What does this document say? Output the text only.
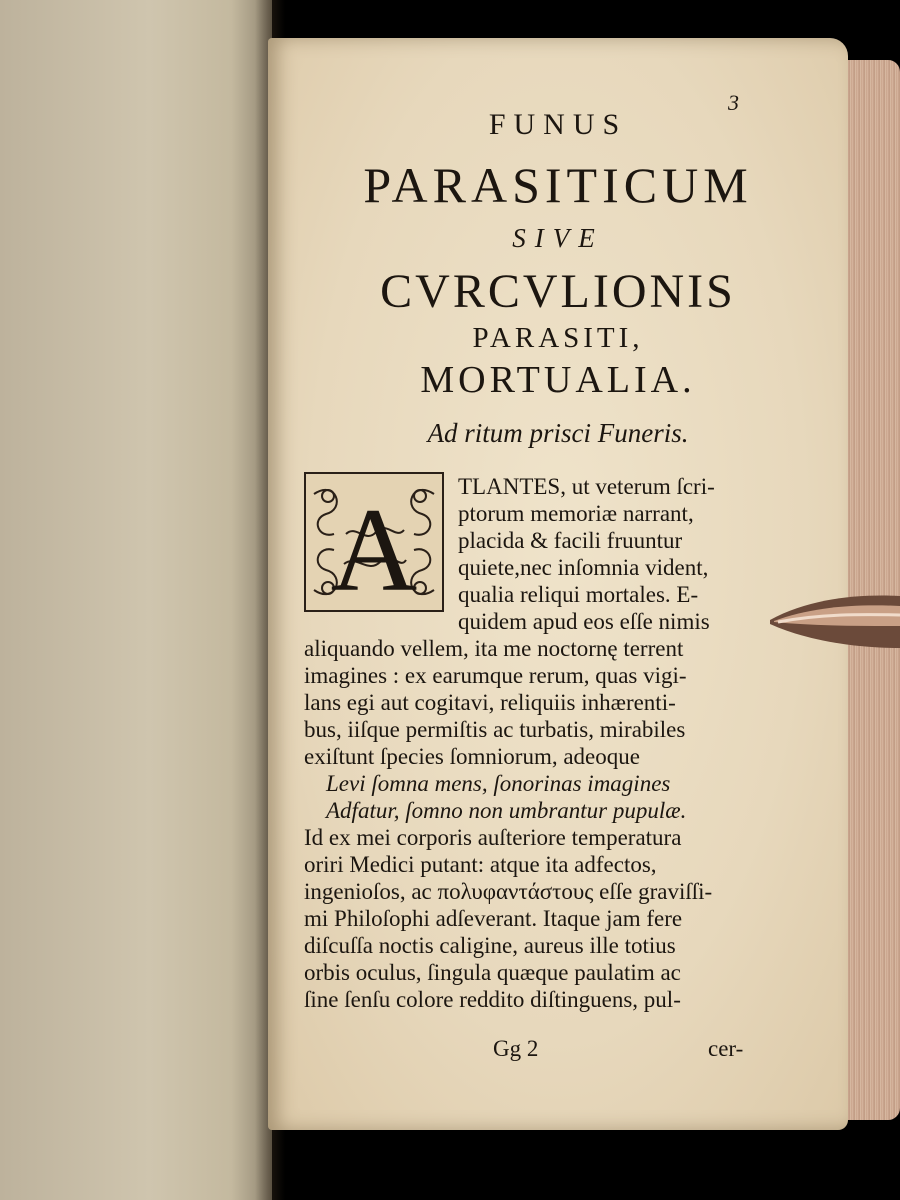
3
FUNUS
PARASITICUM
SIVE
CVRCVLIONIS
PARASITI,
MORTUALIA.
Ad ritum prisci Funeris.
A TLANTES, ut veterum ſcri-
ptorum memoriæ narrant,
placida & facili fruuntur
quiete,nec inſomnia vident,
qualia reliqui mortales. E-
quidem apud eos eſſe nimis
aliquando vellem, ita me noctornę terrent
imagines : ex earumque rerum, quas vigi-
lans egi aut cogitavi, reliquiis inhærenti-
bus, iiſque permiſtis ac turbatis, mirabiles
exiſtunt ſpecies ſomniorum, adeoque
Levi ſomna mens, ſonorinas imagines
Adfatur, ſomno non umbrantur pupulæ.
Id ex mei corporis auſteriore temperatura
oriri Medici putant: atque ita adfectos,
ingenioſos, ac πολυφαντάστους eſſe graviſſi-
mi Philoſophi adſeverant. Itaque jam fere
diſcuſſa noctis caligine, aureus ille totius
orbis oculus, ſingula quæque paulatim ac
ſine ſenſu colore reddito diſtinguens, pul-
Gg 2	cer-
